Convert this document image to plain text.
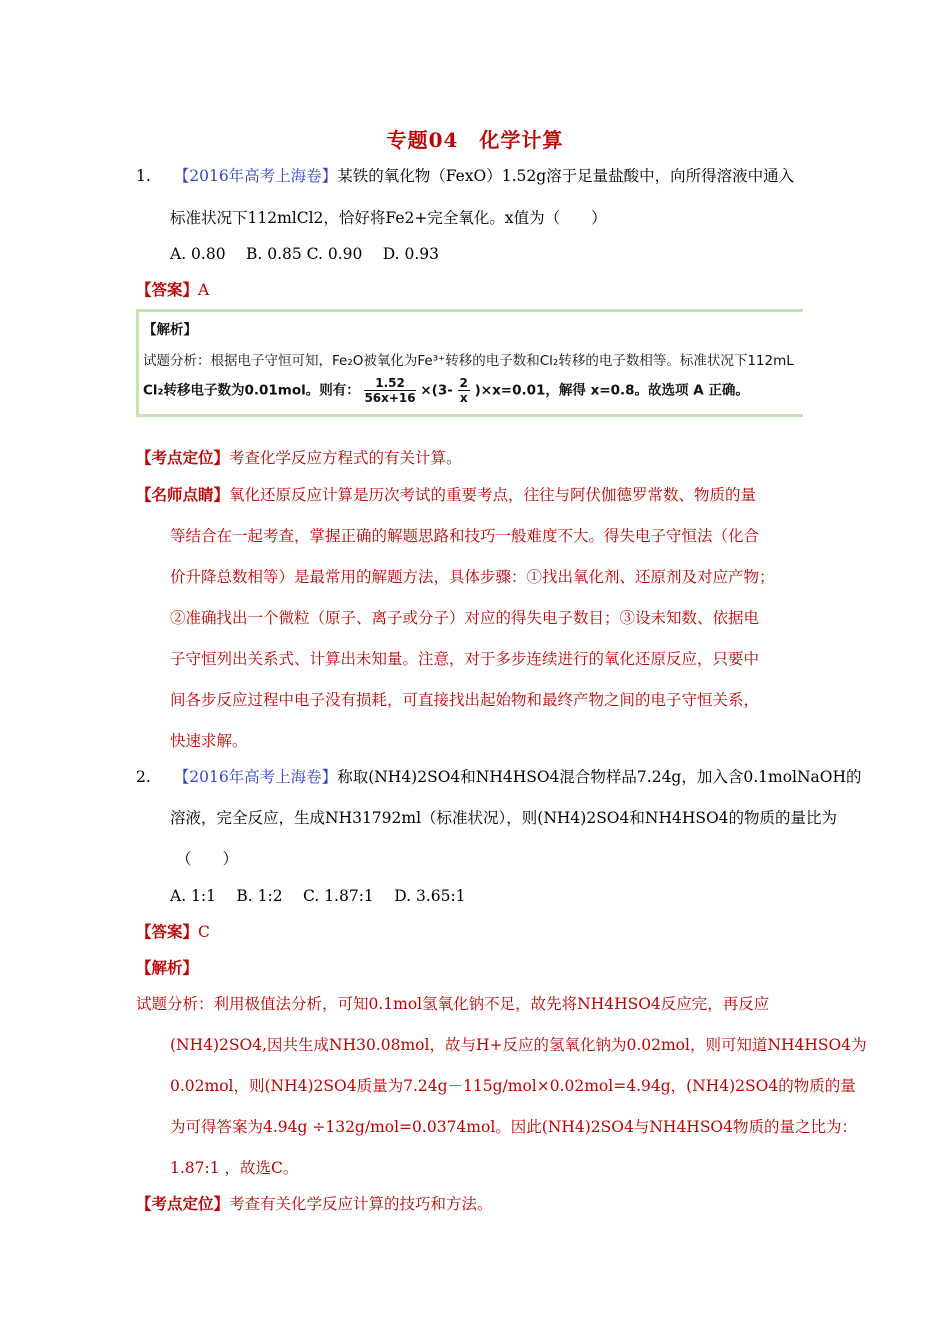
专题04　化学计算
1. 【2016年高考上海卷】某铁的氧化物（FexO）1.52g溶于足量盐酸中，向所得溶液中通入
标准状况下112mlCl2，恰好将Fe2+完全氧化。x值为（　　）
A. 0.80　 B. 0.85 C. 0.90　 D. 0.93
【答案】A
【解析】
试题分析：根据电子守恒可知，Fe₂O被氧化为Fe³⁺转移的电子数和Cl₂转移的电子数相等。标准状况下112mL
Cl₂转移电子数为0.01mol。则有： $\frac{1.52}{56x+16} \times(3- \frac{2}{x} )\times x=0.01$，解得 x=0.8。故选项 A 正确。
【考点定位】考查化学反应方程式的有关计算。
【名师点睛】氧化还原反应计算是历次考试的重要考点，往往与阿伏伽德罗常数、物质的量
等结合在一起考查，掌握正确的解题思路和技巧一般难度不大。得失电子守恒法（化合
价升降总数相等）是最常用的解题方法，具体步骤：①找出氧化剂、还原剂及对应产物；
②准确找出一个微粒（原子、离子或分子）对应的得失电子数目；③设未知数、依据电
子守恒列出关系式、计算出未知量。注意，对于多步连续进行的氧化还原反应，只要中
间各步反应过程中电子没有损耗，可直接找出起始物和最终产物之间的电子守恒关系，
快速求解。
2. 【2016年高考上海卷】称取(NH4)2SO4和NH4HSO4混合物样品7.24g，加入含0.1molNaOH的
溶液，完全反应，生成NH31792ml（标准状况），则(NH4)2SO4和NH4HSO4的物质的量比为
（　　）
A. 1:1　 B. 1:2　 C. 1.87:1　 D. 3.65:1
【答案】C
【解析】
试题分析：利用极值法分析，可知0.1mol氢氧化钠不足，故先将NH4HSO4反应完，再反应
(NH4)2SO4,因共生成NH30.08mol，故与H+反应的氢氧化钠为0.02mol，则可知道NH4HSO4为
0.02mol，则(NH4)2SO4质量为7.24g－115g/mol×0.02mol=4.94g，(NH4)2SO4的物质的量
为可得答案为4.94g ÷132g/mol=0.0374mol。因此(NH4)2SO4与NH4HSO4物质的量之比为：
1.87:1 ，故选C。
【考点定位】考查有关化学反应计算的技巧和方法。
